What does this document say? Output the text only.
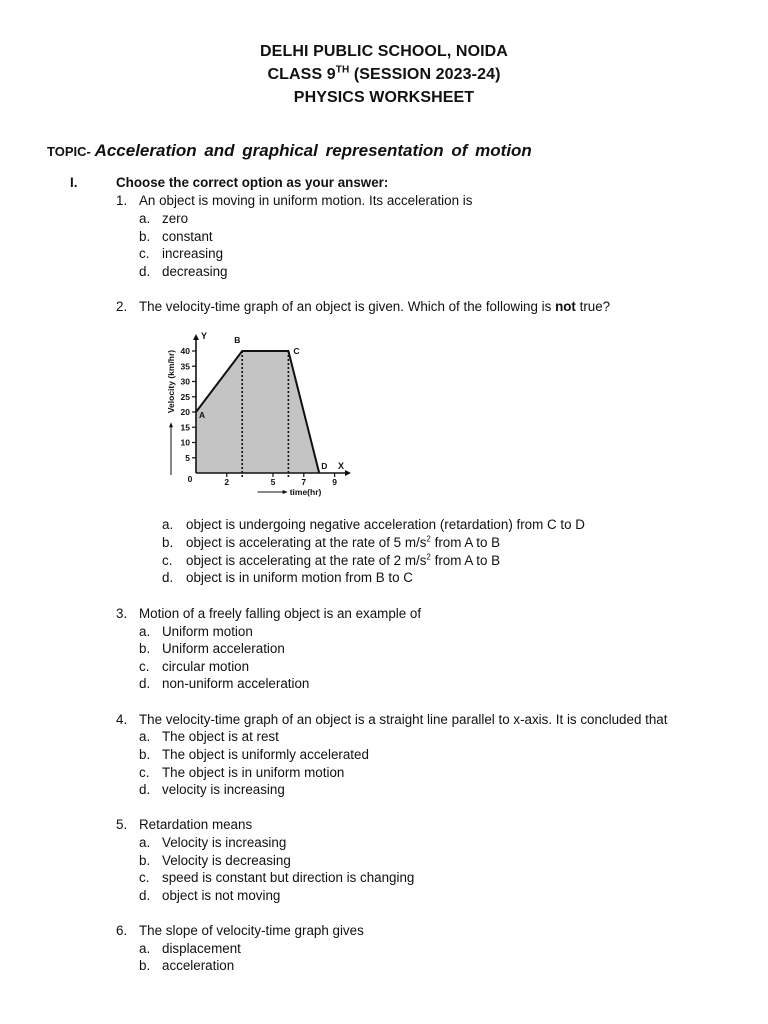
DELHI PUBLIC SCHOOL, NOIDA
CLASS 9TH (SESSION 2023-24)
PHYSICS WORKSHEET
TOPIC- Acceleration and graphical representation of motion
I.	Choose the correct option as your answer:
1. An object is moving in uniform motion. Its acceleration is
a. zero
b. constant
c. increasing
d. decreasing
2. The velocity-time graph of an object is given. Which of the following is not true?
5
10
15
20
25
30
35
40
2	5	7	9
0
Y
X
A
B
C
D
time(hr)
Velocity (km/hr)
a. object is undergoing negative acceleration (retardation) from C to D
b. object is accelerating at the rate of 5 $m/s^2$ from A to B
c.	object is accelerating at the rate of 2 $m/s^2$ from A to B
d. object is in uniform motion from B to C
3. Motion of a freely falling object is an example of
a. Uniform motion
b. Uniform acceleration
c. circular motion
d. non-uniform acceleration
4. The velocity-time graph of an object is a straight line parallel to x-axis. It is concluded that
a. The object is at rest
b. The object is uniformly accelerated
c. The object is in uniform motion
d. velocity is increasing
5. Retardation means
a. Velocity is increasing
b. Velocity is decreasing
c. speed is constant but direction is changing
d. object is not moving
6. The slope of velocity-time graph gives
a. displacement
b. acceleration
